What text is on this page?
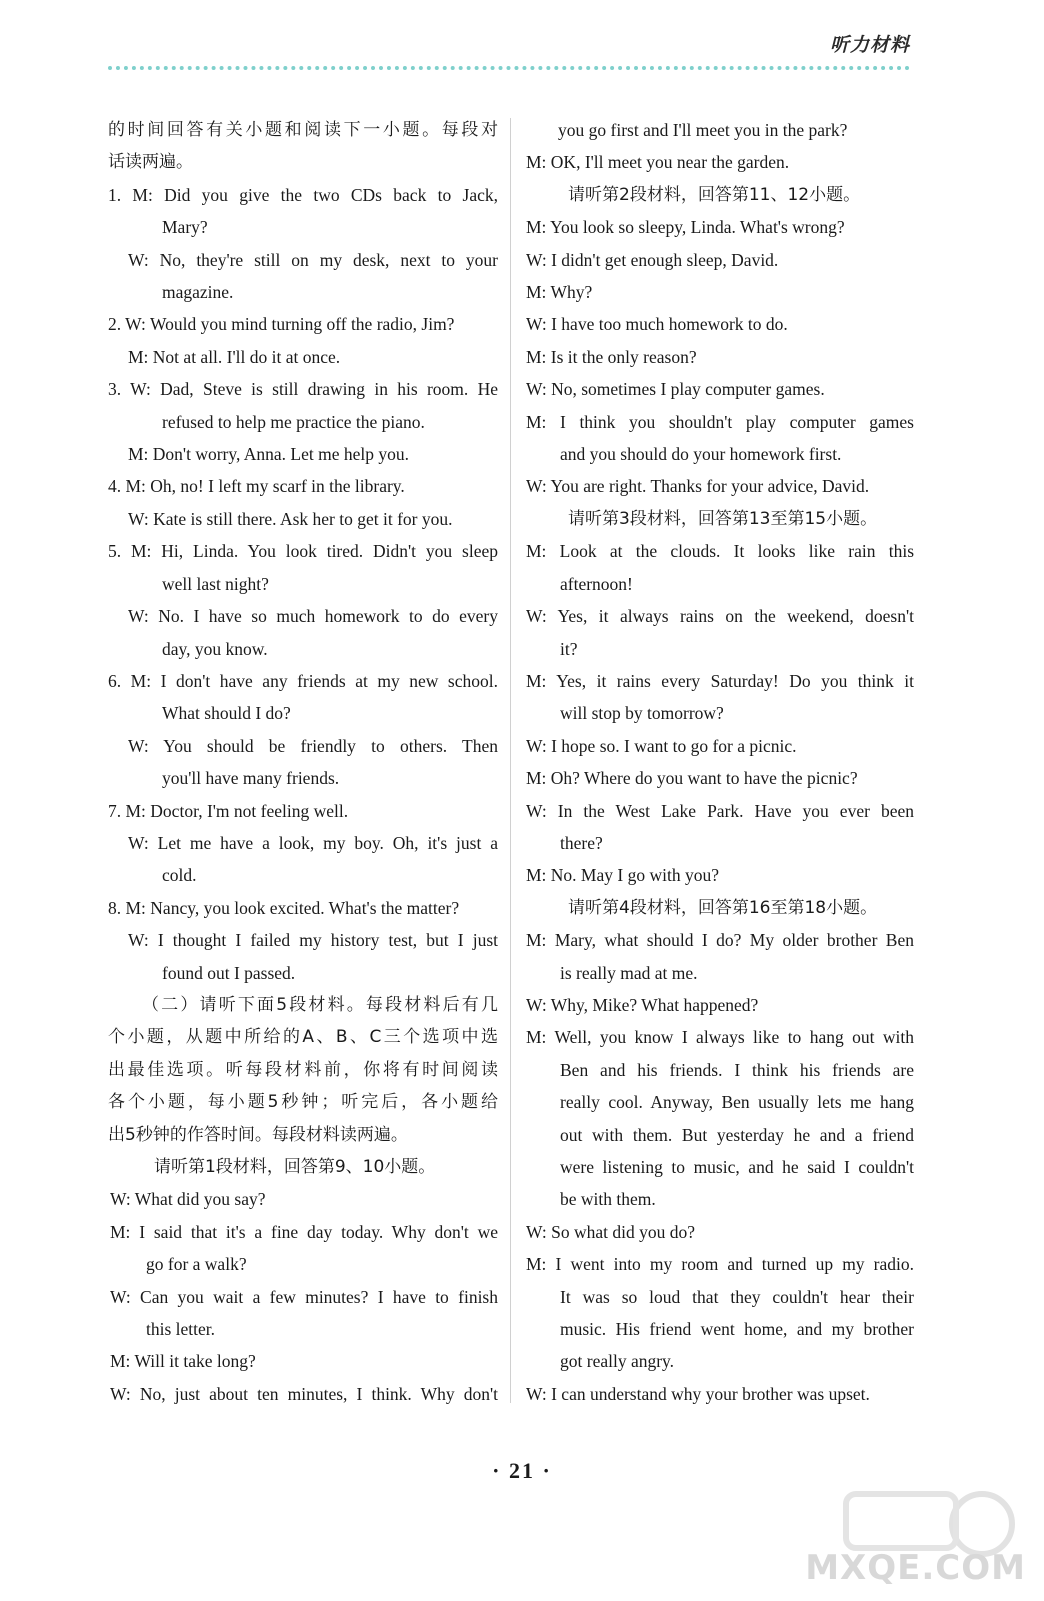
听力材料
的时间回答有关小题和阅读下一小题。每段对
话读两遍。
1. M: Did you give the two CDs back to Jack,
Mary?
W: No, they're still on my desk, next to your
magazine.
2. W: Would you mind turning off the radio, Jim?
M: Not at all. I'll do it at once.
3. W: Dad, Steve is still drawing in his room. He
refused to help me practice the piano.
M: Don't worry, Anna. Let me help you.
4. M: Oh, no! I left my scarf in the library.
W: Kate is still there. Ask her to get it for you.
5. M: Hi, Linda. You look tired. Didn't you sleep
well last night?
W: No. I have so much homework to do every
day, you know.
6. M: I don't have any friends at my new school.
What should I do?
W: You should be friendly to others. Then
you'll have many friends.
7. M: Doctor, I'm not feeling well.
W: Let me have a look, my boy. Oh, it's just a
cold.
8. M: Nancy, you look excited. What's the matter?
W: I thought I failed my history test, but I just
found out I passed.
（二）请听下面5段材料。每段材料后有几
个小题，从题中所给的A、B、C三个选项中选
出最佳选项。听每段材料前，你将有时间阅读
各个小题，每小题5秒钟；听完后，各小题给
出5秒钟的作答时间。每段材料读两遍。
请听第1段材料，回答第9、10小题。
W: What did you say?
M: I said that it's a fine day today. Why don't we
go for a walk?
W: Can you wait a few minutes? I have to finish
this letter.
M: Will it take long?
W: No, just about ten minutes, I think. Why don't
you go first and I'll meet you in the park?
M: OK, I'll meet you near the garden.
请听第2段材料，回答第11、12小题。
M: You look so sleepy, Linda. What's wrong?
W: I didn't get enough sleep, David.
M: Why?
W: I have too much homework to do.
M: Is it the only reason?
W: No, sometimes I play computer games.
M: I think you shouldn't play computer games
and you should do your homework first.
W: You are right. Thanks for your advice, David.
请听第3段材料，回答第13至第15小题。
M: Look at the clouds. It looks like rain this
afternoon!
W: Yes, it always rains on the weekend, doesn't
it?
M: Yes, it rains every Saturday! Do you think it
will stop by tomorrow?
W: I hope so. I want to go for a picnic.
M: Oh? Where do you want to have the picnic?
W: In the West Lake Park. Have you ever been
there?
M: No. May I go with you?
请听第4段材料，回答第16至第18小题。
M: Mary, what should I do? My older brother Ben
is really mad at me.
W: Why, Mike? What happened?
M: Well, you know I always like to hang out with
Ben and his friends. I think his friends are
really cool. Anyway, Ben usually lets me hang
out with them. But yesterday he and a friend
were listening to music, and he said I couldn't
be with them.
W: So what did you do?
M: I went into my room and turned up my radio.
It was so loud that they couldn't hear their
music. His friend went home, and my brother
got really angry.
W: I can understand why your brother was upset.
· 21 ·
MXQE.COM
